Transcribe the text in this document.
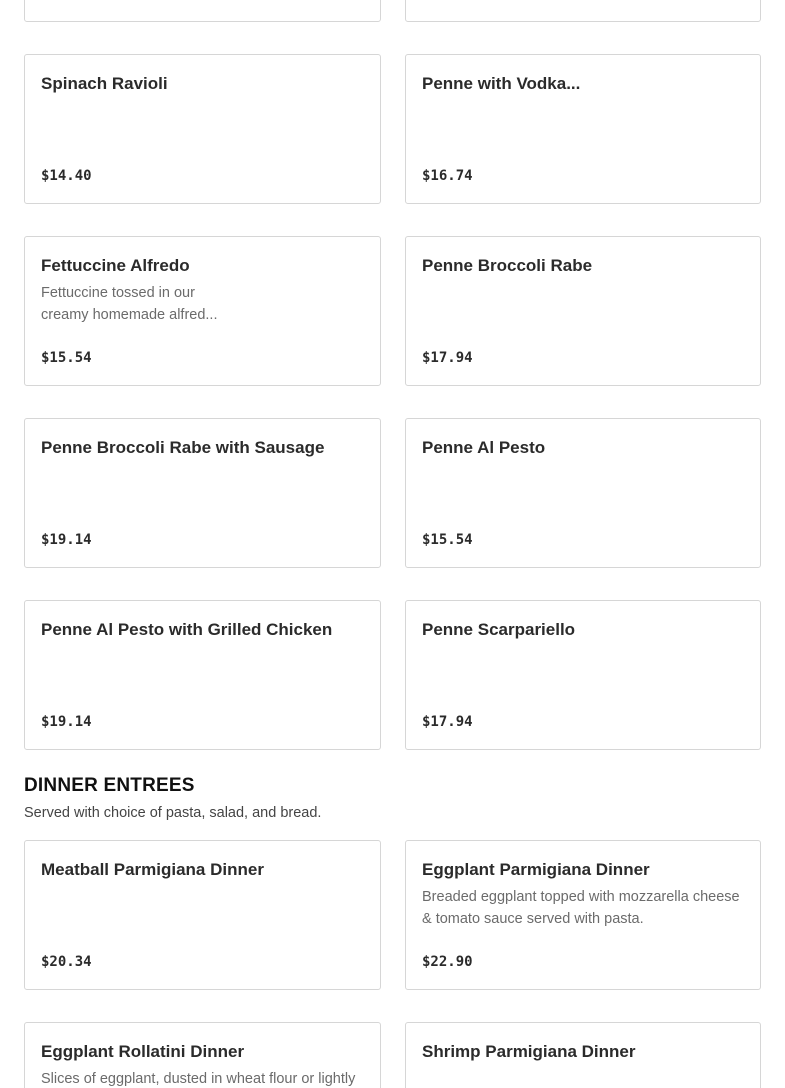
Spinach Ravioli
$14.40
Penne with Vodka...
$16.74
Fettuccine Alfredo
Fettuccine tossed in our creamy homemade alfred...
$15.54
Penne Broccoli Rabe
$17.94
Penne Broccoli Rabe with Sausage
$19.14
Penne Al Pesto
$15.54
Penne Al Pesto with Grilled Chicken
$19.14
Penne Scarpariello
$17.94
DINNER ENTREES
Served with choice of pasta, salad, and bread.
Meatball Parmigiana Dinner
$20.34
Eggplant Parmigiana Dinner
Breaded eggplant topped with mozzarella cheese & tomato sauce served with pasta.
$22.90
Eggplant Rollatini Dinner
Slices of eggplant, dusted in wheat flour or lightly
Shrimp Parmigiana Dinner
